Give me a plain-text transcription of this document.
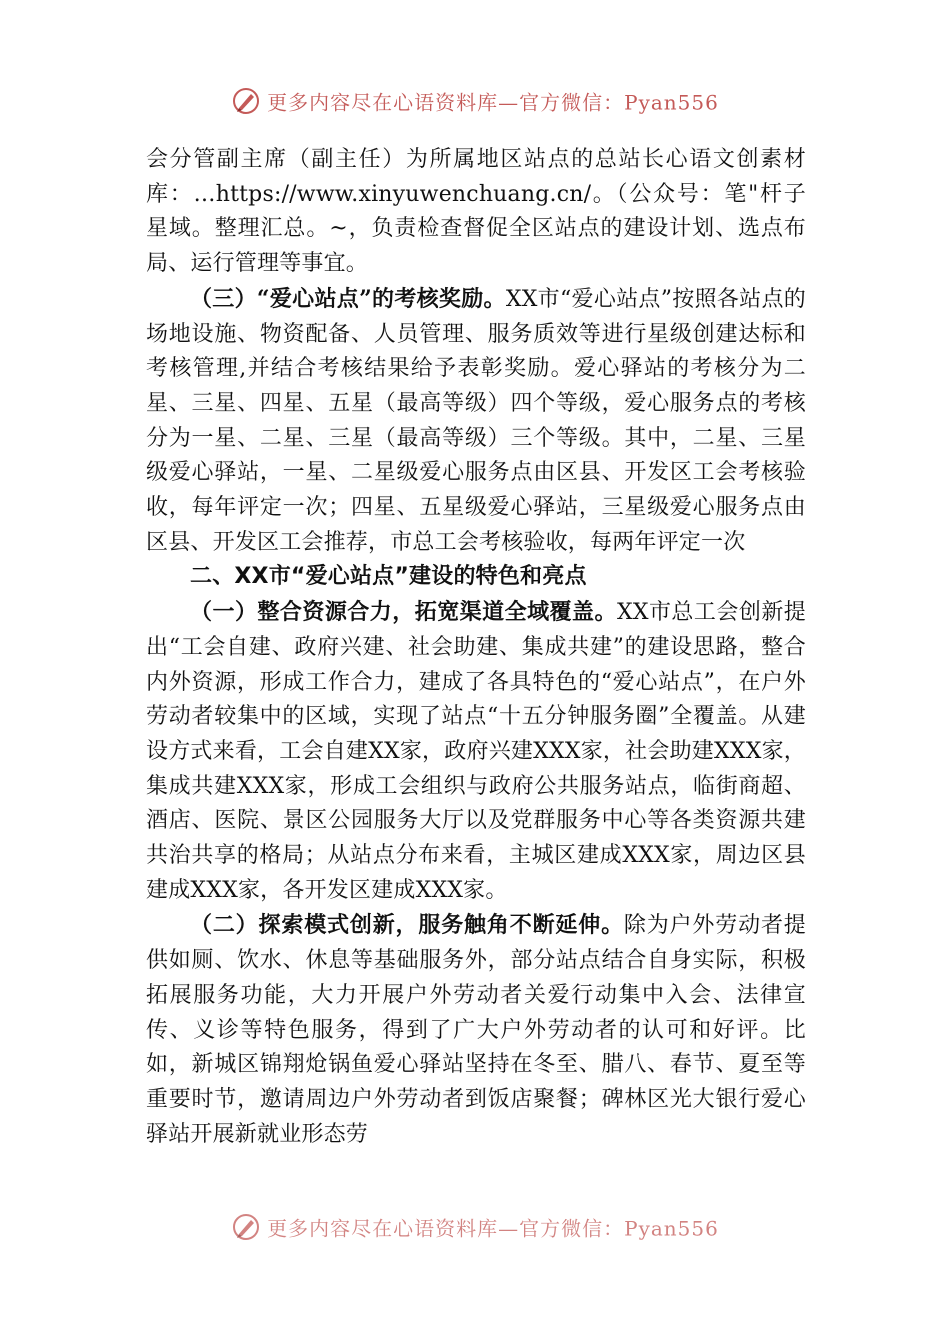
更多内容尽在心语资料库—官方微信：Pyan556

会分管副主席（副主任）为所属地区站点的总站长心语文创素材库：…https://www.xinyuwenchuang.cn/。（公众号：笔"杆子星域。整理汇总。~，负责检查督促全区站点的建设计划、选点布局、运行管理等事宜。

（三）“爱心站点”的考核奖励。XX市“爱心站点”按照各站点的场地设施、物资配备、人员管理、服务质效等进行星级创建达标和考核管理,并结合考核结果给予表彰奖励。爱心驿站的考核分为二星、三星、四星、五星（最高等级）四个等级，爱心服务点的考核分为一星、二星、三星（最高等级）三个等级。其中，二星、三星级爱心驿站，一星、二星级爱心服务点由区县、开发区工会考核验收，每年评定一次；四星、五星级爱心驿站，三星级爱心服务点由区县、开发区工会推荐，市总工会考核验收，每两年评定一次

二、XX市“爱心站点”建设的特色和亮点

（一）整合资源合力，拓宽渠道全域覆盖。XX市总工会创新提出“工会自建、政府兴建、社会助建、集成共建”的建设思路，整合内外资源，形成工作合力，建成了各具特色的“爱心站点”，在户外劳动者较集中的区域，实现了站点“十五分钟服务圈”全覆盖。从建设方式来看，工会自建XX家，政府兴建XXX家，社会助建XXX家，集成共建XXX家，形成工会组织与政府公共服务站点，临街商超、酒店、医院、景区公园服务大厅以及党群服务中心等各类资源共建共治共享的格局；从站点分布来看，主城区建成XXX家，周边区县建成XXX家，各开发区建成XXX家。

（二）探索模式创新，服务触角不断延伸。除为户外劳动者提供如厕、饮水、休息等基础服务外，部分站点结合自身实际，积极拓展服务功能，大力开展户外劳动者关爱行动集中入会、法律宣传、义诊等特色服务，得到了广大户外劳动者的认可和好评。比如，新城区锦翔炝锅鱼爱心驿站坚持在冬至、腊八、春节、夏至等重要时节，邀请周边户外劳动者到饭店聚餐；碑林区光大银行爱心驿站开展新就业形态劳

更多内容尽在心语资料库—官方微信：Pyan556
